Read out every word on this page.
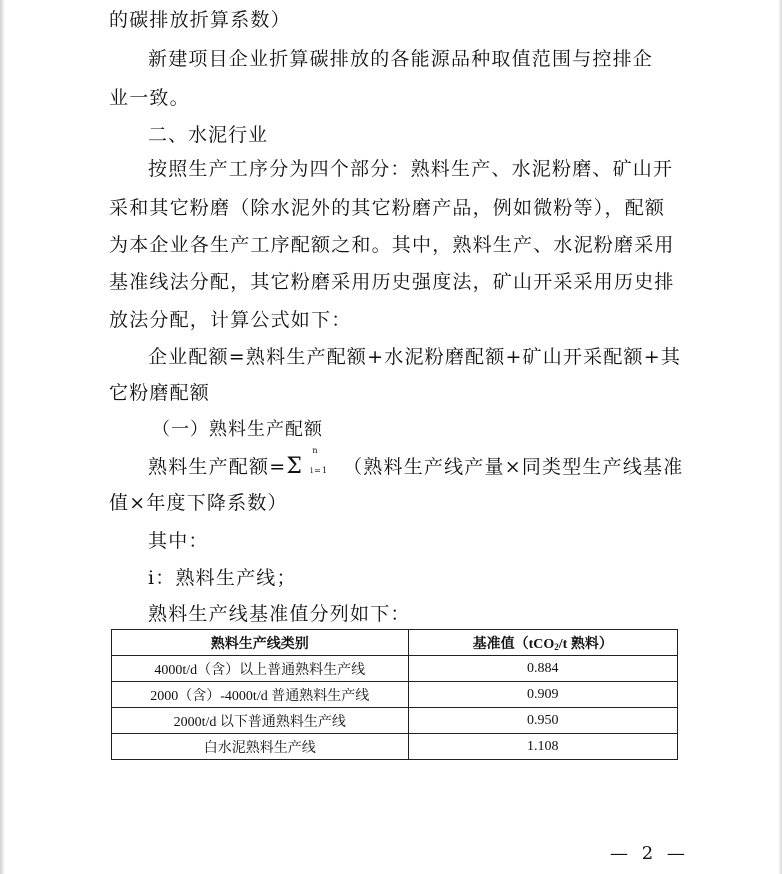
的碳排放折算系数）
新建项目企业折算碳排放的各能源品种取值范围与控排企
业一致。
二、水泥行业
按照生产工序分为四个部分：熟料生产、水泥粉磨、矿山开
采和其它粉磨（除水泥外的其它粉磨产品，例如微粉等），配额
为本企业各生产工序配额之和。其中，熟料生产、水泥粉磨采用
基准线法分配，其它粉磨采用历史强度法，矿山开采采用历史排
放法分配，计算公式如下：
企业配额=熟料生产配额+水泥粉磨配额+矿山开采配额+其
它粉磨配额
（一）熟料生产配额
熟料生产配额=Σ
n
i=1 （熟料生产线产量×同类型生产线基准
值×年度下降系数）
其中：
i：熟料生产线；
熟料生产线基准值分列如下：
熟料生产线类别	基准值（tCO2/t 熟料）
4000t/d（含）以上普通熟料生产线	0.884
2000（含）-4000t/d 普通熟料生产线	0.909
2000t/d 以下普通熟料生产线	0.950
白水泥熟料生产线	1.108
— 2 —
